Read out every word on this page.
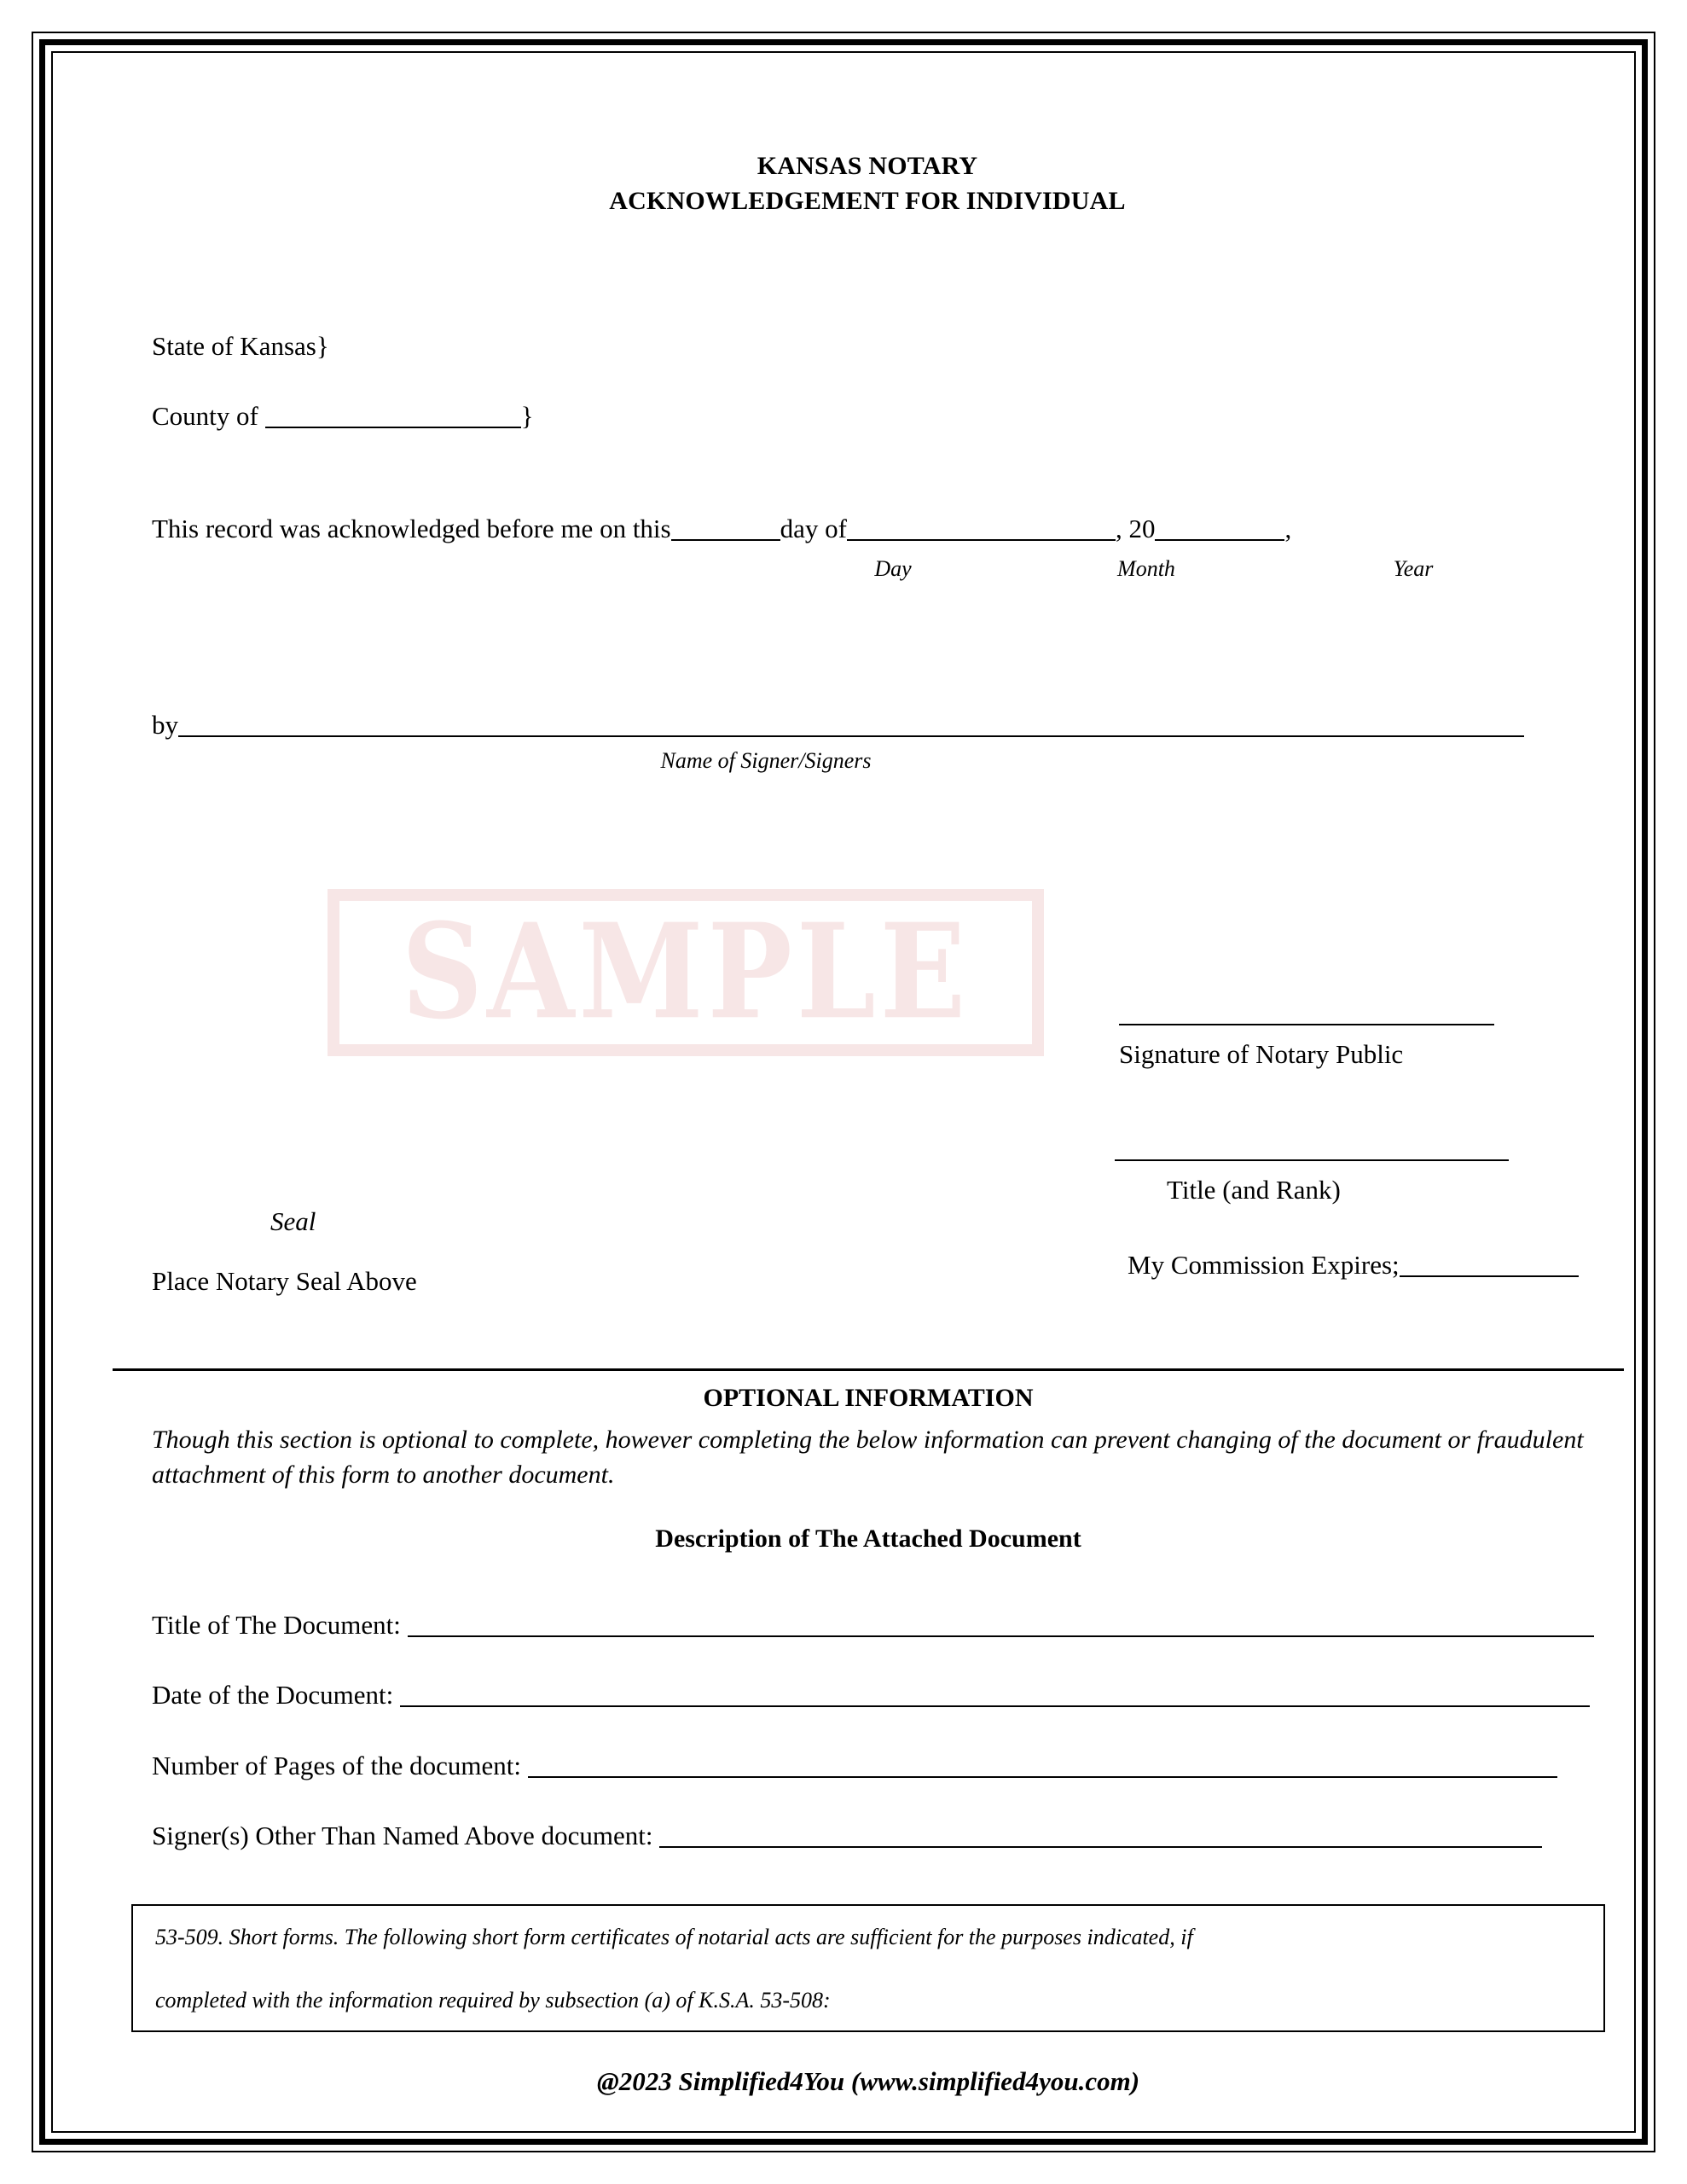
KANSAS NOTARY
ACKNOWLEDGEMENT FOR INDIVIDUAL
State of Kansas}
County of	}
This record was acknowledged before me on this	day of	, 20	,
Day	Month	Year
by
Name of Signer/Signers
SAMPLE
Signature of Notary Public
Title (and Rank)
My Commission Expires;
Seal
Place Notary Seal Above
OPTIONAL INFORMATION
Though this section is optional to complete, however completing the below information can prevent changing of the document or fraudulent attachment of this form to another document.
Description of The Attached Document
Title of The Document:
Date of the Document:
Number of Pages of the document:
Signer(s) Other Than Named Above document:
53-509. Short forms. The following short form certificates of notarial acts are sufficient for the purposes indicated, if
completed with the information required by subsection (a) of K.S.A. 53-508:
@2023 Simplified4You (www.simplified4you.com)
